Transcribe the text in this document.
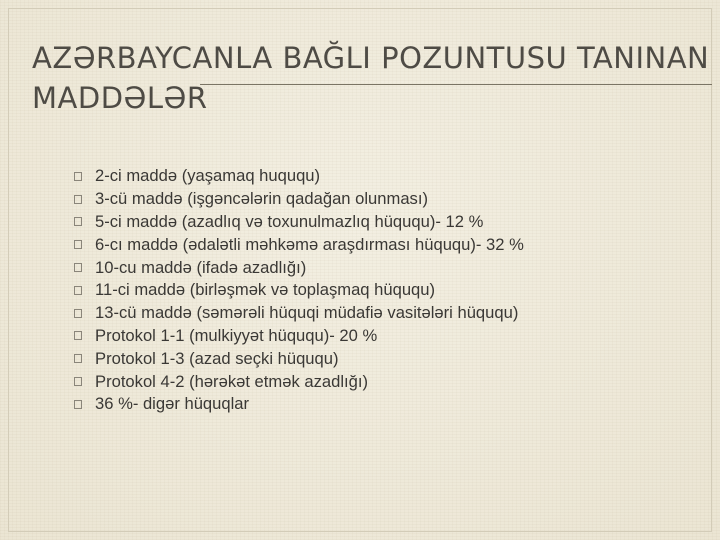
AZƏRBAYCANLA BAĞLI POZUNTUSU TANINAN
MADDƏLƏR
2-ci maddə (yaşamaq huququ)
3-cü maddə (işgəncələrin qadağan olunması)
5-ci maddə (azadlıq və toxunulmazlıq hüququ)- 12 %
6-cı maddə (ədalətli məhkəmə araşdırması hüququ)- 32 %
10-cu maddə (ifadə azadlığı)
11-ci maddə (birləşmək və toplaşmaq hüququ)
13-cü maddə (səmərəli hüquqi müdafiə vasitələri hüququ)
Protokol 1-1 (mulkiyyət hüququ)- 20 %
Protokol 1-3 (azad seçki hüququ)
Protokol 4-2 (hərəkət etmək azadlığı)
36 %- digər hüquqlar
